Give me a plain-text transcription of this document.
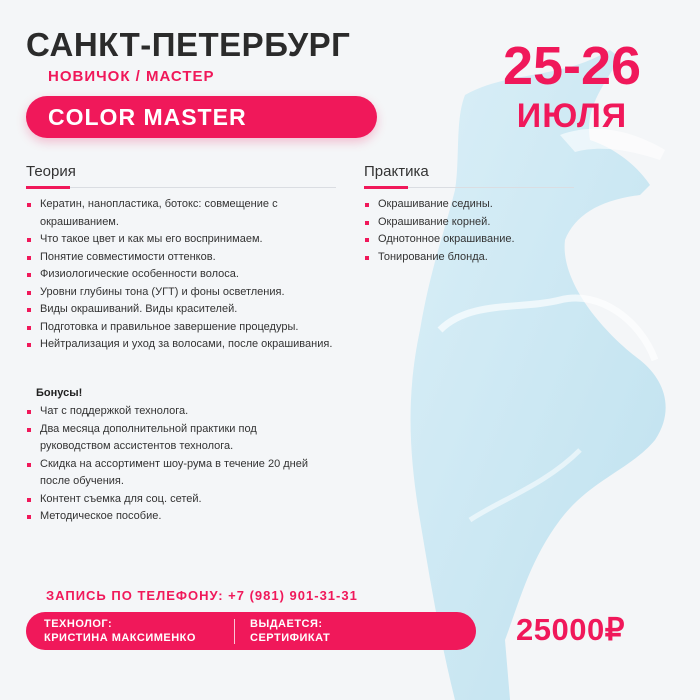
САНКТ-ПЕТЕРБУРГ
НОВИЧОК / МАСТЕР
COLOR MASTER
25-26
ИЮЛЯ
Теория
Кератин, нанопластика, ботокс: совмещение с окрашиванием.
Что такое цвет и как мы его воспринимаем.
Понятие совместимости оттенков.
Физиологические особенности волоса.
Уровни глубины тона (УГТ) и фоны осветления.
Виды окрашиваний. Виды красителей.
Подготовка и правильное завершение процедуры.
Нейтрализация и уход за волосами, после окрашивания.
Практика
Окрашивание седины.
Окрашивание корней.
Однотонное окрашивание.
Тонирование блонда.
Бонусы!
Чат с поддержкой технолога.
Два месяца дополнительной практики под руководством ассистентов технолога.
Скидка на ассортимент шоу-рума в течение 20 дней после обучения.
Контент съемка для соц. сетей.
Методическое пособие.
ЗАПИСЬ ПО ТЕЛЕФОНУ: +7 (981) 901-31-31
ТЕХНОЛОГ:
КРИСТИНА МАКСИМЕНКО
ВЫДАЕТСЯ:
СЕРТИФИКАТ	25000₽
